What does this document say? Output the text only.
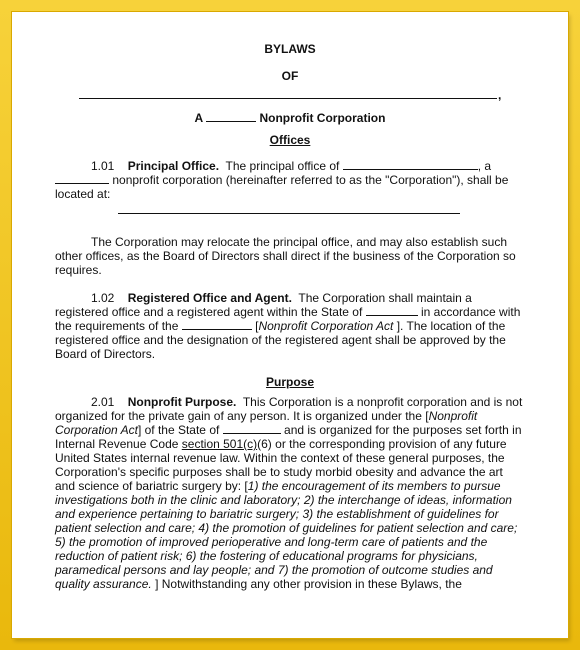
BYLAWS
OF
,
A	Nonprofit Corporation
Offices

1.01 Principal Office. The principal office of	, a
nonprofit corporation (hereinafter referred to as the "Corporation"), shall be located at:

The Corporation may relocate the principal office, and may also establish such other offices, as the Board of Directors shall direct if the business of the Corporation so requires.

1.02 Registered Office and Agent. The Corporation shall maintain a registered office and a registered agent within the State of	in accordance with the requirements of the	[Nonprofit Corporation Act ]. The location of the registered office and the designation of the registered agent shall be approved by the Board of Directors.

Purpose

2.01 Nonprofit Purpose. This Corporation is a nonprofit corporation and is not organized for the private gain of any person. It is organized under the [Nonprofit Corporation Act] of the State of	and is organized for the purposes set forth in Internal Revenue Code section 501(c)(6) or the corresponding provision of any future United States internal revenue law. Within the context of these general purposes, the Corporation's specific purposes shall be to study morbid obesity and advance the art and science of bariatric surgery by: [1) the encouragement of its members to pursue investigations both in the clinic and laboratory; 2) the interchange of ideas, information and experience pertaining to bariatric surgery; 3) the establishment of guidelines for patient selection and care; 4) the promotion of guidelines for patient selection and care; 5) the promotion of improved perioperative and long-term care of patients and the reduction of patient risk; 6) the fostering of educational programs for physicians, paramedical persons and lay people; and 7) the promotion of outcome studies and quality assurance. ] Notwithstanding any other provision in these Bylaws, the
